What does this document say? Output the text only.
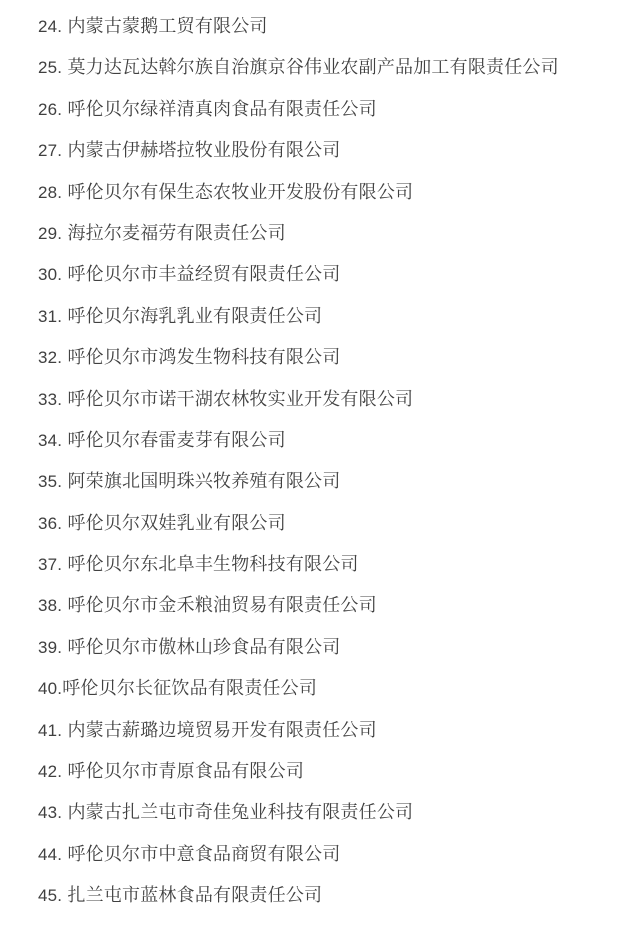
24. 内蒙古蒙鹅工贸有限公司
25. 莫力达瓦达斡尔族自治旗京谷伟业农副产品加工有限责任公司
26. 呼伦贝尔绿祥清真肉食品有限责任公司
27. 内蒙古伊赫塔拉牧业股份有限公司
28. 呼伦贝尔有保生态农牧业开发股份有限公司
29. 海拉尔麦福劳有限责任公司
30. 呼伦贝尔市丰益经贸有限责任公司
31. 呼伦贝尔海乳乳业有限责任公司
32. 呼伦贝尔市鸿发生物科技有限公司
33. 呼伦贝尔市诺干湖农林牧实业开发有限公司
34. 呼伦贝尔春雷麦芽有限公司
35. 阿荣旗北国明珠兴牧养殖有限公司
36. 呼伦贝尔双娃乳业有限公司
37. 呼伦贝尔东北阜丰生物科技有限公司
38. 呼伦贝尔市金禾粮油贸易有限责任公司
39. 呼伦贝尔市傲林山珍食品有限公司
40.呼伦贝尔长征饮品有限责任公司
41. 内蒙古薪璐边境贸易开发有限责任公司
42. 呼伦贝尔市青原食品有限公司
43. 内蒙古扎兰屯市奇佳兔业科技有限责任公司
44. 呼伦贝尔市中意食品商贸有限公司
45. 扎兰屯市蓝林食品有限责任公司
